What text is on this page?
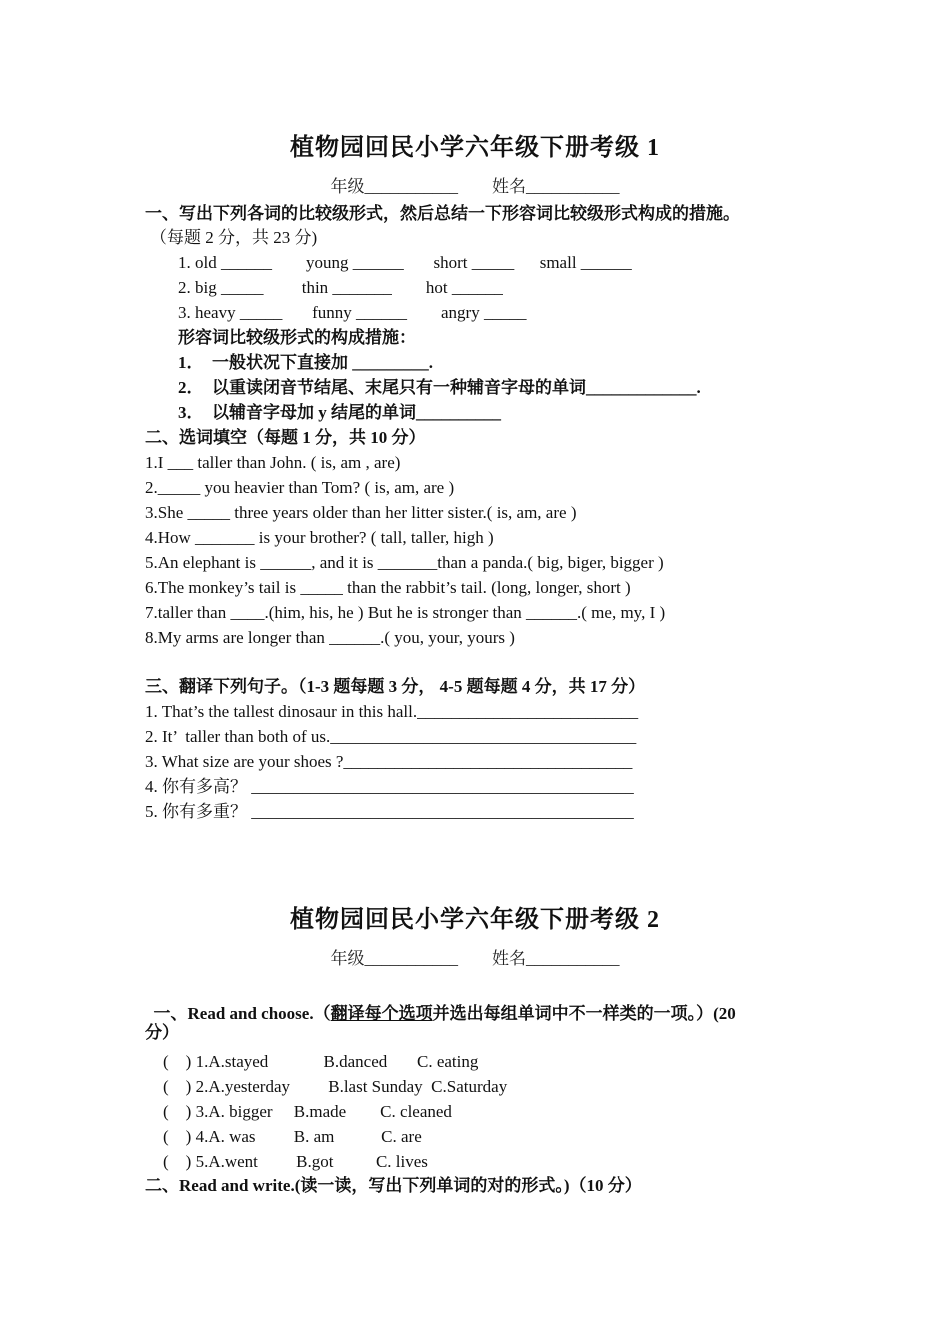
植物园回民小学六年级下册考级 1
年级___________        姓名___________
一、写出下列各词的比较级形式，然后总结一下形容词比较级形式构成的措施。
（每题 2 分，共 23 分)
1. old ______        young ______       short _____      small ______
2. big _____         thin _______        hot ______
3. heavy _____       funny ______        angry _____
形容词比较级形式的构成措施：
1．  一般状况下直接加 _________.
2．  以重读闭音节结尾、末尾只有一种辅音字母的单词_____________.
3．  以辅音字母加 y 结尾的单词__________
二、选词填空（每题 1 分，共 10 分）
1.I ___ taller than John. ( is, am , are)
2._____ you heavier than Tom? ( is, am, are )
3.She _____ three years older than her litter sister.( is, am, are )
4.How _______ is your brother? ( tall, taller, high )
5.An elephant is ______, and it is _______than a panda.( big, biger, bigger )
6.The monkey’s tail is _____ than the rabbit’s tail. (long, longer, short )
7.taller than ____.(him, his, he ) But he is stronger than ______.( me, my, I )
8.My arms are longer than ______.( you, your, yours )
三、翻译下列句子。（1-3 题每题 3 分， 4-5 题每题 4 分，共 17 分）
1. That’s the tallest dinosaur in this hall.__________________________
2. It’  taller than both of us.____________________________________
3. What size are your shoes ?__________________________________
4. 你有多高？ _____________________________________________
5. 你有多重？ _____________________________________________
植物园回民小学六年级下册考级 2
年级___________        姓名___________

一、Read and choose.（翻译每个选项并选出每组单词中不一样类的一项。）(20

分）
(    ) 1.A.stayed             B.danced       C. eating
(    ) 2.A.yesterday         B.last Sunday  C.Saturday
(    ) 3.A. bigger     B.made        C. cleaned
(    ) 4.A. was         B. am           C. are
(    ) 5.A.went         B.got          C. lives
二、Read and write.(读一读，写出下列单词的对的形式。)（10 分）
